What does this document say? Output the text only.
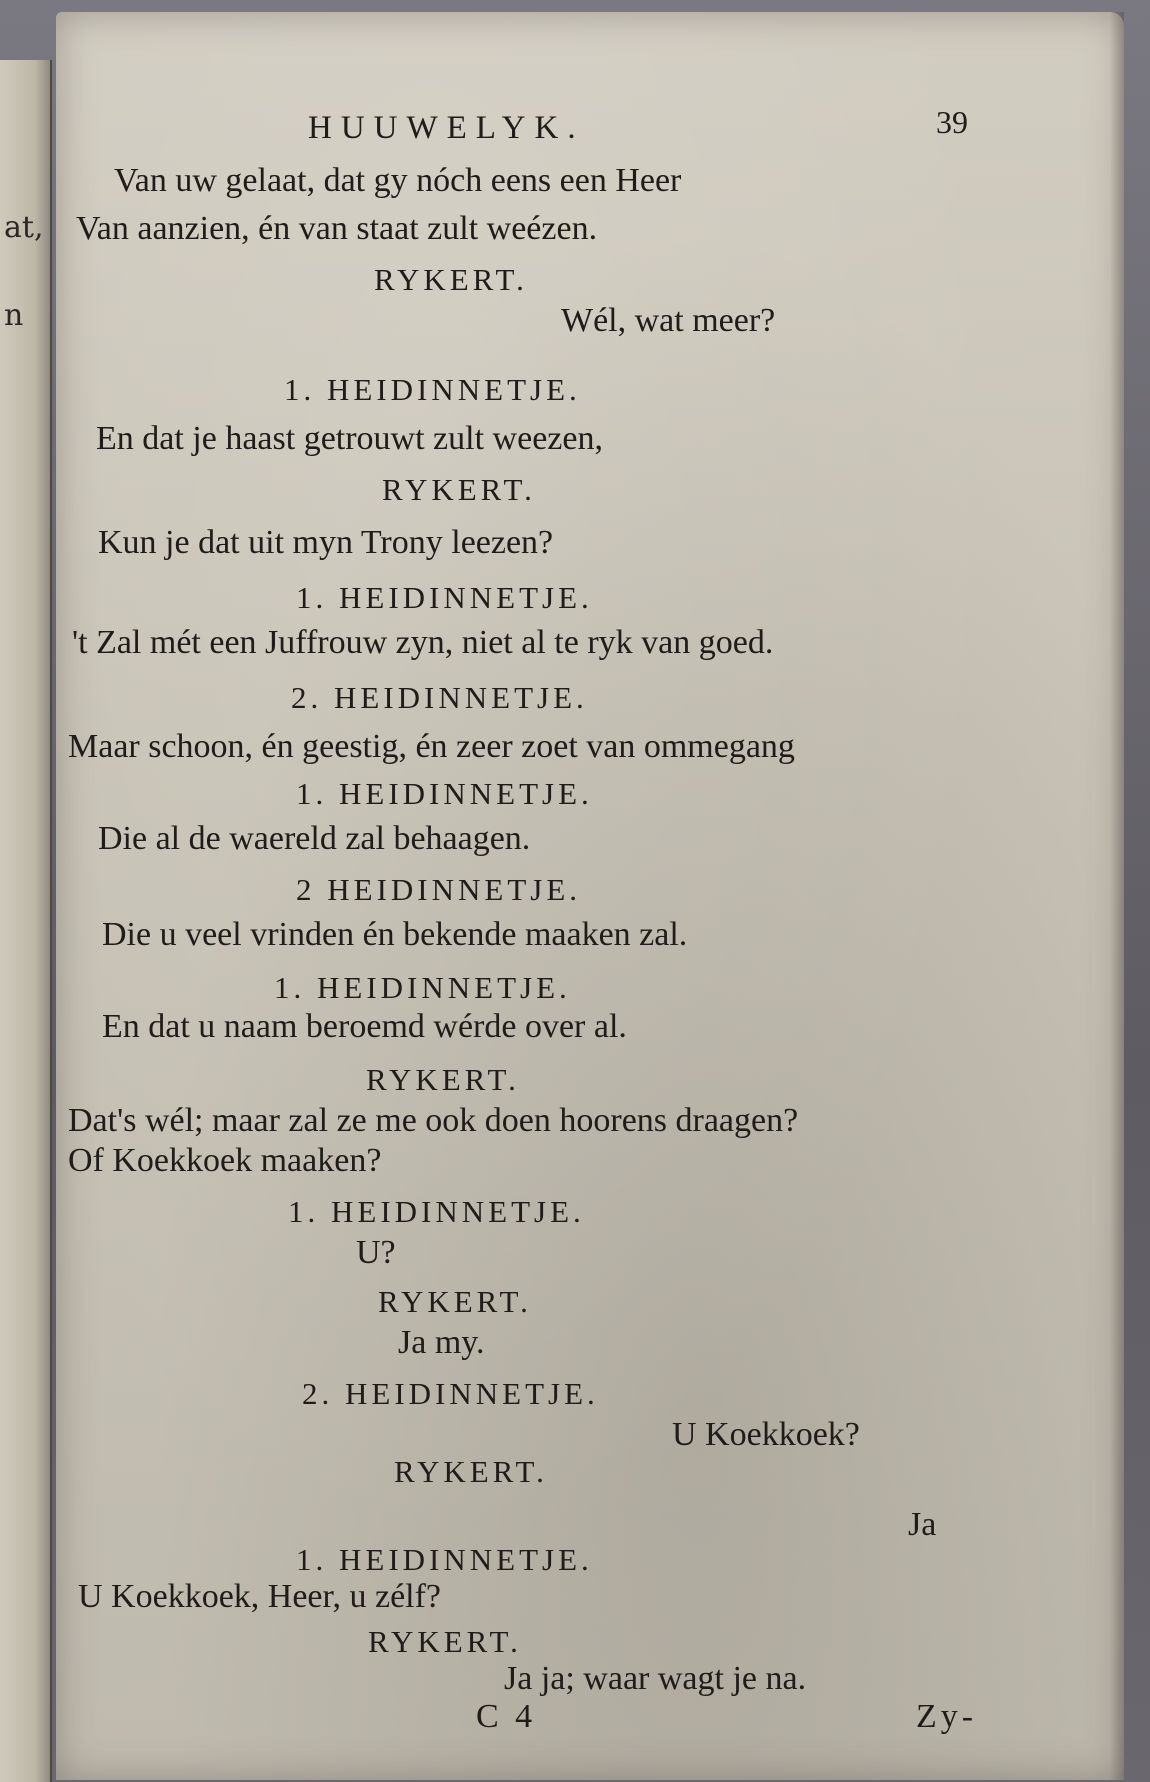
at,
n
HUUWELYK.	39
Van uw gelaat, dat gy nóch eens een Heer
Van aanzien, én van staat zult weézen.
RYKERT.
Wél, wat meer?
1. HEIDINNETJE.
En dat je haast getrouwt zult weezen,
RYKERT.
Kun je dat uit myn Trony leezen?
1. HEIDINNETJE.
't Zal mét een Juffrouw zyn, niet al te ryk van goed.
2. HEIDINNETJE.
Maar schoon, én geestig, én zeer zoet van ommegang
1. HEIDINNETJE.
Die al de waereld zal behaagen.
2 HEIDINNETJE.
Die u veel vrinden én bekende maaken zal.
1. HEIDINNETJE.
En dat u naam beroemd wérde over al.
RYKERT.
Dat's wél; maar zal ze me ook doen hoorens draagen?
Of Koekkoek maaken?
1. HEIDINNETJE.
U?
RYKERT.
Ja my.
2. HEIDINNETJE.
U Koekkoek?
RYKERT.
Ja
1. HEIDINNETJE.
U Koekkoek, Heer, u zélf?
RYKERT.
Ja ja; waar wagt je na.
C 4	Zy-
